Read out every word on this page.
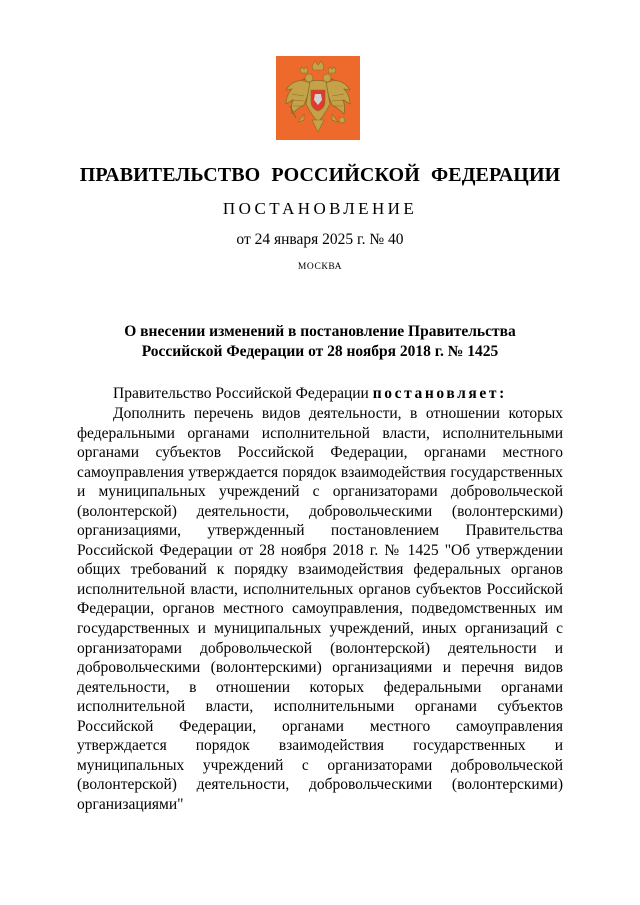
ПРАВИТЕЛЬСТВО РОССИЙСКОЙ ФЕДЕРАЦИИ
ПОСТАНОВЛЕНИЕ
от 24 января 2025 г. № 40
МОСКВА
О внесении изменений в постановление Правительства
Российской Федерации от 28 ноября 2018 г. № 1425
Правительство Российской Федерации постановляет:
Дополнить перечень видов деятельности, в отношении которых федеральными органами исполнительной власти, исполнительными органами субъектов Российской Федерации, органами местного самоуправления утверждается порядок взаимодействия государственных и муниципальных учреждений с организаторами добровольческой (волонтерской) деятельности, добровольческими (волонтерскими) организациями, утвержденный постановлением Правительства Российской Федерации от 28 ноября 2018 г. № 1425 "Об утверждении общих требований к порядку взаимодействия федеральных органов исполнительной власти, исполнительных органов субъектов Российской Федерации, органов местного самоуправления, подведомственных им государственных и муниципальных учреждений, иных организаций с организаторами добровольческой (волонтерской) деятельности и добровольческими (волонтерскими) организациями и перечня видов деятельности, в отношении которых федеральными органами исполнительной власти, исполнительными органами субъектов Российской Федерации, органами местного самоуправления утверждается порядок взаимодействия государственных и муниципальных учреждений с организаторами добровольческой (волонтерской) деятельности, добровольческими (волонтерскими) организациями"
